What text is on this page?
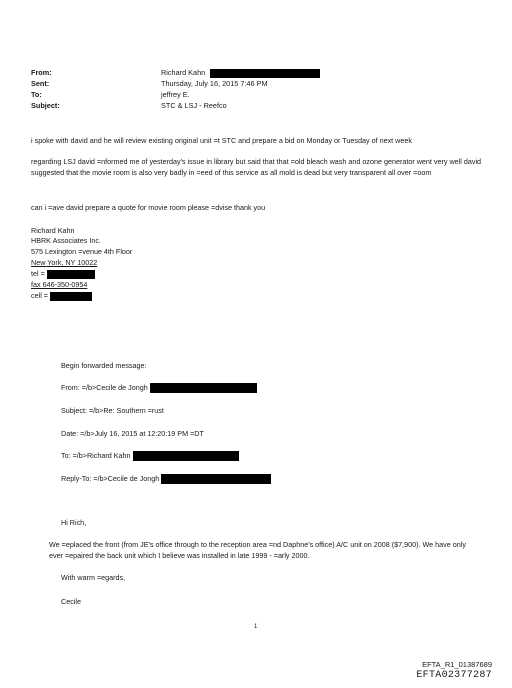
From:	Richard Kahn
Sent:	Thursday, July 16, 2015 7:46 PM
To:	jeffrey E.
Subject:	STC & LSJ - Reefco
i spoke with david and he will review existing original unit =t STC and prepare a bid on Monday or Tuesday of next week
regarding LSJ david =nformed me of yesterday's issue in library but said that that =old bleach wash and ozone generator went very well david suggested that the movie room is also very badly in =eed of this service as all mold is dead but very transparent all over =oom
can i =ave david prepare a quote for movie room please =dvise thank you
Richard Kahn
HBRK Associates Inc.
575 Lexington =venue 4th Floor
New York, NY 10022
tel =
fax 646-350-0954
cell =
Begin forwarded message:
From: =/b>Cecile de Jongh
Subject: =/b>Re: Southern =rust
Date: =/b>July 16, 2015 at 12:20:19 PM =DT
To: =/b>Richard Kahn
Reply-To: =/b>Cecile de Jongh
Hi Rich,
We =eplaced the front (from JE's office through to the reception area =nd Daphne's office) A/C unit on 2008 ($7,900). We have only ever =epaired the back unit which I believe was installed in late 1999 - =arly 2000.
With warm =egards,
Cecile
1
EFTA_R1_01387689
EFTA02377287
